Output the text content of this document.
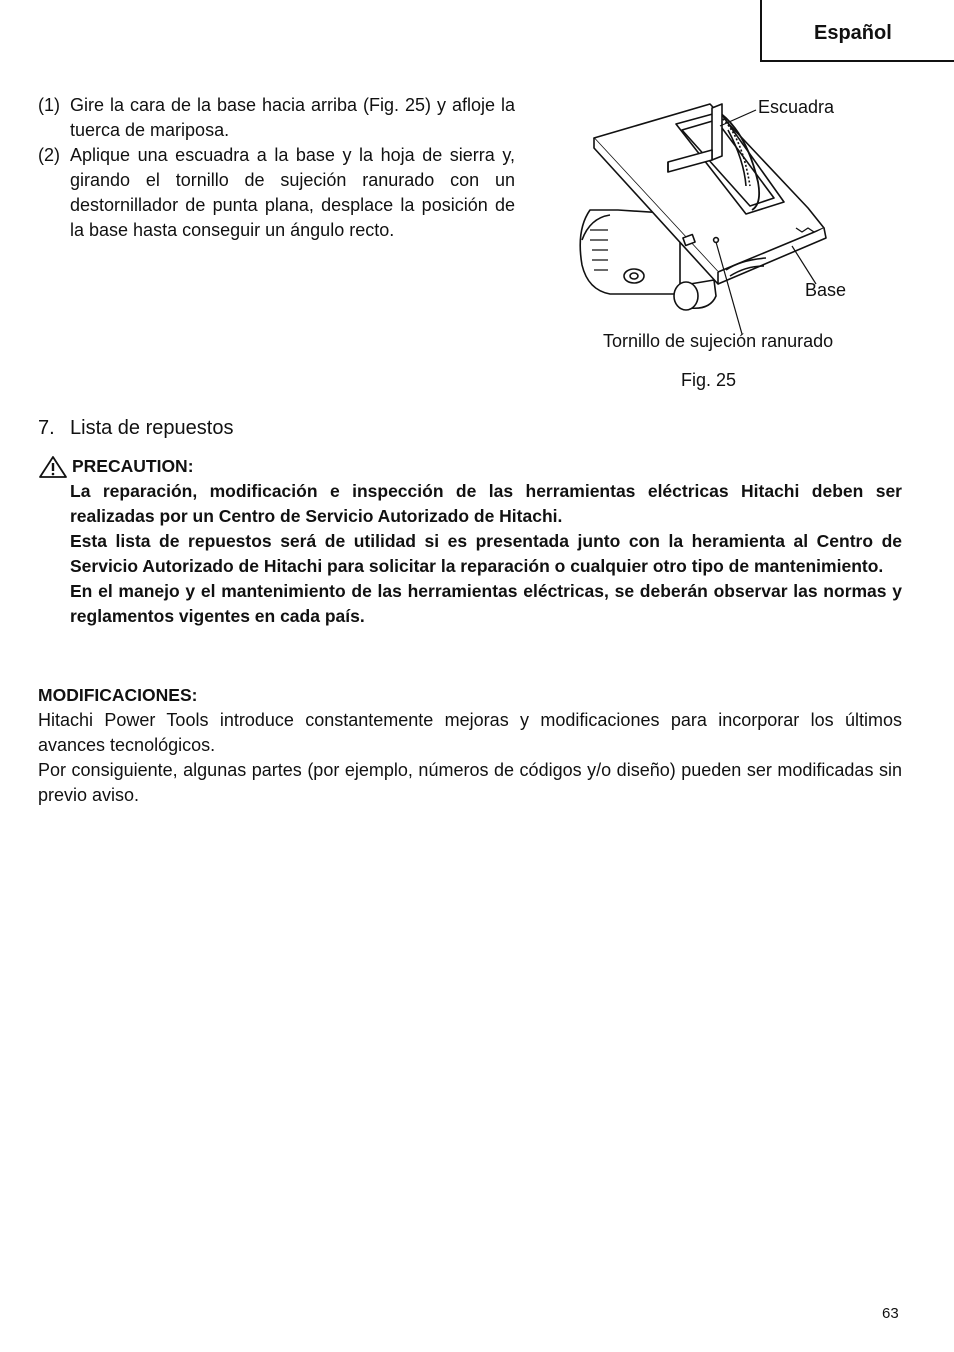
Español
(1) Gire la cara de la base hacia arriba (Fig. 25) y afloje la tuerca de mariposa.
(2) Aplique una escuadra a la base y la hoja de sierra y, girando el tornillo de sujeción ranurado con un destornillador de punta plana, desplace la posición de la base hasta conseguir un ángulo recto.
Escuadra
Base
Tornillo de sujeción ranurado
Fig. 25
7. Lista de repuestos
PRECAUTION :

La reparación, modificación e inspección de las herramientas eléctricas Hitachi deben ser realizadas por un Centro de Servicio Autorizado de Hitachi.

Esta lista de repuestos será de utilidad si es presentada junto con la heramienta al Centro de Servicio Autorizado de Hitachi para solicitar la reparación o cualquier otro tipo de mantenimiento.

En el manejo y el mantenimiento de las herramientas eléctricas, se deberán observar las normas y reglamentos vigentes en cada país.

MODIFICACIONES:

Hitachi Power Tools introduce constantemente mejoras y modificaciones para incorporar los últimos avances tecnológicos.

Por consiguiente, algunas partes (por ejemplo, números de códigos y/o diseño) pueden ser modificadas sin previo aviso.

63
